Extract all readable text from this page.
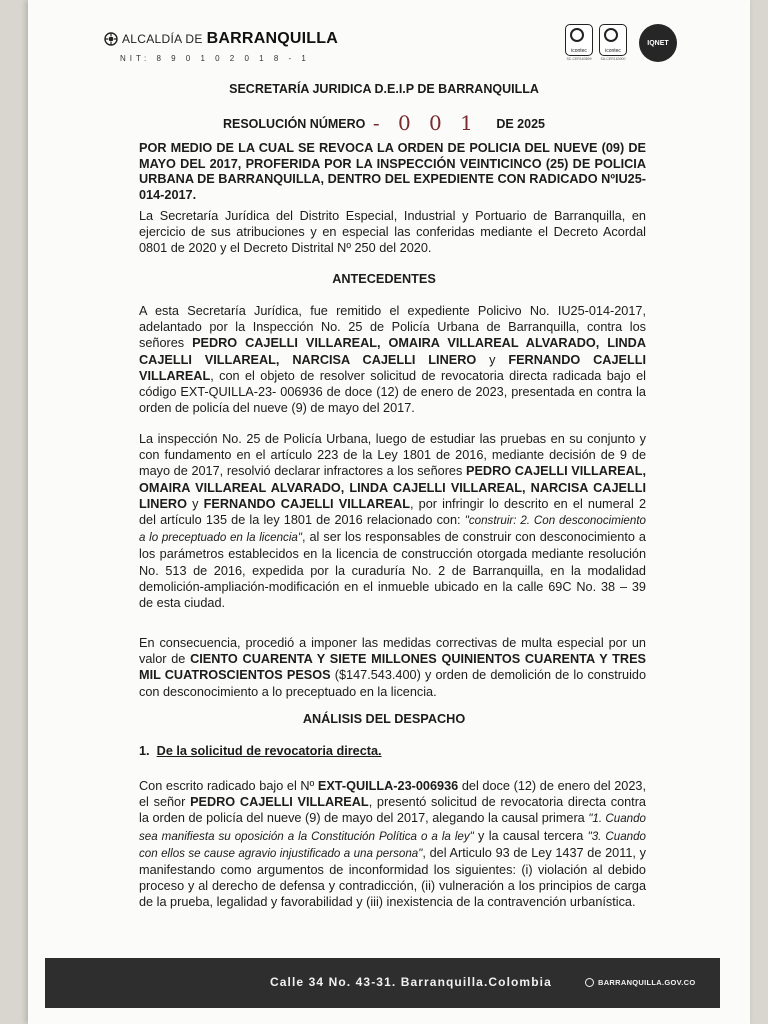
ALCALDÍA DE BARRANQUILLA
NIT: 8 9 0 1 0 2 0 1 8 - 1
icontec
SC-CER163899
icontec
SA-CER163900
IQNET
SECRETARÍA JURIDICA D.E.I.P DE BARRANQUILLA
RESOLUCIÓN NÚMERO - 0 0 1 DE 2025
POR MEDIO DE LA CUAL SE REVOCA LA ORDEN DE POLICIA DEL NUEVE (09) DE MAYO DEL 2017, PROFERIDA POR LA INSPECCIÓN VEINTICINCO (25) DE POLICIA URBANA DE BARRANQUILLA, DENTRO DEL EXPEDIENTE CON RADICADO NºIU25-014-2017.
La Secretaría Jurídica del Distrito Especial, Industrial y Portuario de Barranquilla, en ejercicio de sus atribuciones y en especial las conferidas mediante el Decreto Acordal 0801 de 2020 y el Decreto Distrital Nº 250 del 2020.
ANTECEDENTES
A esta Secretaría Jurídica, fue remitido el expediente Policivo No. IU25-014-2017, adelantado por la Inspección No. 25 de Policía Urbana de Barranquilla, contra los señores PEDRO CAJELLI VILLAREAL, OMAIRA VILLAREAL ALVARADO, LINDA CAJELLI VILLAREAL, NARCISA CAJELLI LINERO y FERNANDO CAJELLI VILLAREAL, con el objeto de resolver solicitud de revocatoria directa radicada bajo el código EXT-QUILLA-23- 006936 de doce (12) de enero de 2023, presentada en contra la orden de policía del nueve (9) de mayo del 2017.
La inspección No. 25 de Policía Urbana, luego de estudiar las pruebas en su conjunto y con fundamento en el artículo 223 de la Ley 1801 de 2016, mediante decisión de 9 de mayo de 2017, resolvió declarar infractores a los señores PEDRO CAJELLI VILLAREAL, OMAIRA VILLAREAL ALVARADO, LINDA CAJELLI VILLAREAL, NARCISA CAJELLI LINERO y FERNANDO CAJELLI VILLAREAL, por infringir lo descrito en el numeral 2 del artículo 135 de la ley 1801 de 2016 relacionado con: "construir: 2. Con desconocimiento a lo preceptuado en la licencia", al ser los responsables de construir con desconocimiento a los parámetros establecidos en la licencia de construcción otorgada mediante resolución No. 513 de 2016, expedida por la curaduría No. 2 de Barranquilla, en la modalidad demolición-ampliación-modificación en el inmueble ubicado en la calle 69C No. 38 – 39 de esta ciudad.
En consecuencia, procedió a imponer las medidas correctivas de multa especial por un valor de CIENTO CUARENTA Y SIETE MILLONES QUINIENTOS CUARENTA Y TRES MIL CUATROSCIENTOS PESOS ($147.543.400) y orden de demolición de lo construido con desconocimiento a lo preceptuado en la licencia.
ANÁLISIS DEL DESPACHO
1. De la solicitud de revocatoria directa.
Con escrito radicado bajo el Nº EXT-QUILLA-23-006936 del doce (12) de enero del 2023, el señor PEDRO CAJELLI VILLAREAL, presentó solicitud de revocatoria directa contra la orden de policía del nueve (9) de mayo del 2017, alegando la causal primera "1. Cuando sea manifiesta su oposición a la Constitución Política o a la ley" y la causal tercera "3. Cuando con ellos se cause agravio injustificado a una persona", del Articulo 93 de Ley 1437 de 2011, y manifestando como argumentos de inconformidad los siguientes: (i) violación al debido proceso y al derecho de defensa y contradicción, (ii) vulneración a los principios de carga de la prueba, legalidad y favorabilidad y (iii) inexistencia de la contravención urbanística.
Calle 34 No. 43-31. Barranquilla.Colombia	BARRANQUILLA.GOV.CO
